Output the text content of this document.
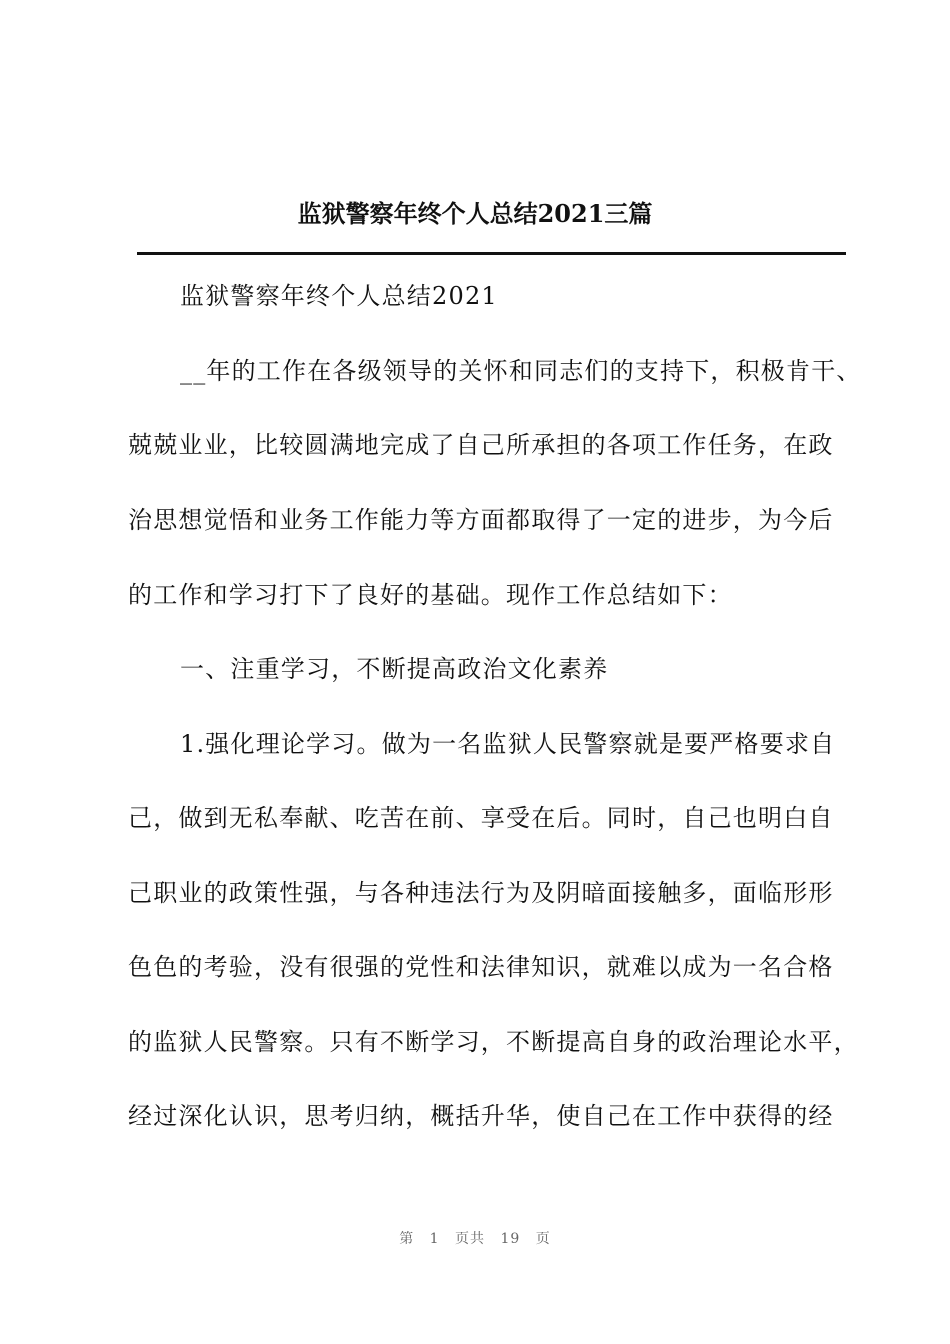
监狱警察年终个人总结2021三篇
监狱警察年终个人总结2021
__年的工作在各级领导的关怀和同志们的支持下，积极肯干、
兢兢业业，比较圆满地完成了自己所承担的各项工作任务，在政
治思想觉悟和业务工作能力等方面都取得了一定的进步，为今后
的工作和学习打下了良好的基础。现作工作总结如下：
一、注重学习，不断提高政治文化素养
1.强化理论学习。做为一名监狱人民警察就是要严格要求自
己，做到无私奉献、吃苦在前、享受在后。同时，自己也明白自
己职业的政策性强，与各种违法行为及阴暗面接触多，面临形形
色色的考验，没有很强的党性和法律知识，就难以成为一名合格
的监狱人民警察。只有不断学习，不断提高自身的政治理论水平，
经过深化认识，思考归纳，概括升华，使自己在工作中获得的经
第 1 页共 19 页
